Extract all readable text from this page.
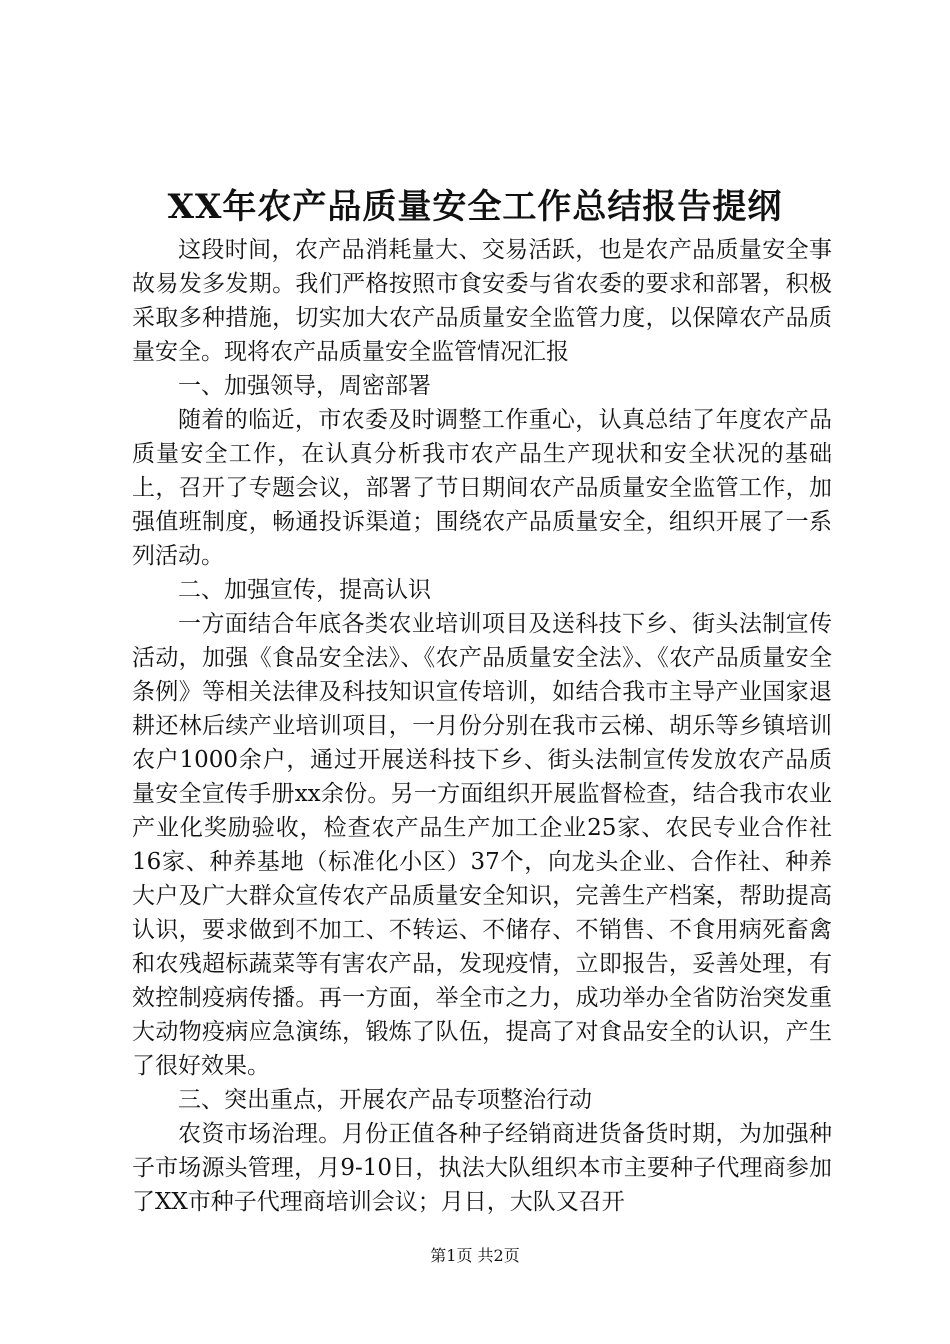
XX年农产品质量安全工作总结报告提纲

这段时间，农产品消耗量大、交易活跃，也是农产品质量安全事故易发多发期。我们严格按照市食安委与省农委的要求和部署，积极采取多种措施，切实加大农产品质量安全监管力度，以保障农产品质量安全。现将农产品质量安全监管情况汇报

一、加强领导，周密部署

随着的临近，市农委及时调整工作重心，认真总结了年度农产品质量安全工作，在认真分析我市农产品生产现状和安全状况的基础上，召开了专题会议，部署了节日期间农产品质量安全监管工作，加强值班制度，畅通投诉渠道；围绕农产品质量安全，组织开展了一系列活动。

二、加强宣传，提高认识

一方面结合年底各类农业培训项目及送科技下乡、街头法制宣传活动，加强《食品安全法》、《农产品质量安全法》、《农产品质量安全条例》等相关法律及科技知识宣传培训，如结合我市主导产业国家退耕还林后续产业培训项目，一月份分别在我市云梯、胡乐等乡镇培训农户1000余户，通过开展送科技下乡、街头法制宣传发放农产品质量安全宣传手册xx余份。另一方面组织开展监督检查，结合我市农业产业化奖励验收，检查农产品生产加工企业25家、农民专业合作社16家、种养基地（标准化小区）37个，向龙头企业、合作社、种养大户及广大群众宣传农产品质量安全知识，完善生产档案，帮助提高认识，要求做到不加工、不转运、不储存、不销售、不食用病死畜禽和农残超标蔬菜等有害农产品，发现疫情，立即报告，妥善处理，有效控制疫病传播。再一方面，举全市之力，成功举办全省防治突发重大动物疫病应急演练，锻炼了队伍，提高了对食品安全的认识，产生了很好效果。

三、突出重点，开展农产品专项整治行动

农资市场治理。月份正值各种子经销商进货备货时期，为加强种子市场源头管理，月9-10日，执法大队组织本市主要种子代理商参加了XX市种子代理商培训会议；月日，大队又召开

第1页 共2页
